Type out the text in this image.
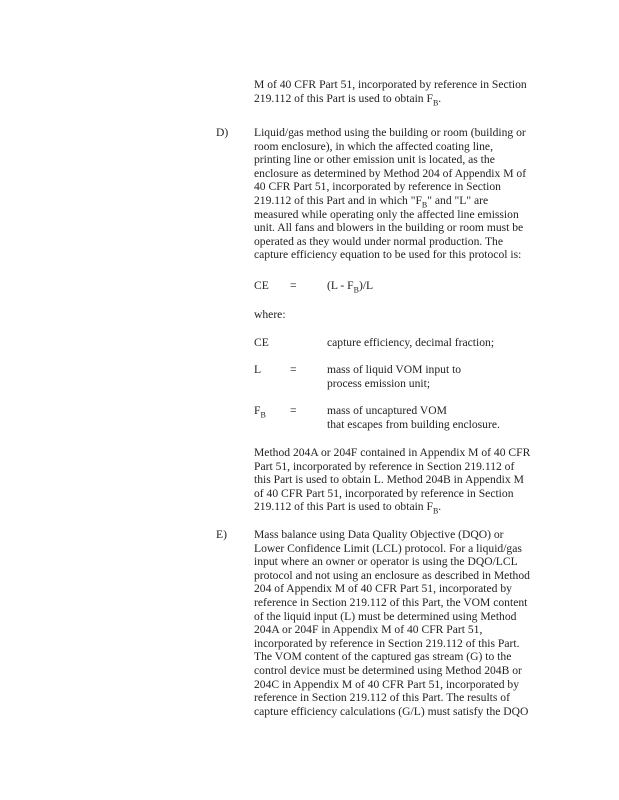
M of 40 CFR Part 51, incorporated by reference in Section
219.112 of this Part is used to obtain $F_B$.
D) Liquid/gas method using the building or room (building or
room enclosure), in which the affected coating line,
printing line or other emission unit is located, as the
enclosure as determined by Method 204 of Appendix M of
40 CFR Part 51, incorporated by reference in Section
219.112 of this Part and in which "$F_B$" and "L" are
measured while operating only the affected line emission
unit. All fans and blowers in the building or room must be
operated as they would under normal production. The
capture efficiency equation to be used for this protocol is:
CE =	$(L - F_B)/L$
where:
CE	capture efficiency, decimal fraction;
L =	mass of liquid VOM input to
process emission unit;
$F_B$ =	mass of uncaptured VOM
that escapes from building enclosure.
Method 204A or 204F contained in Appendix M of 40 CFR
Part 51, incorporated by reference in Section 219.112 of
this Part is used to obtain L. Method 204B in Appendix M
of 40 CFR Part 51, incorporated by reference in Section
219.112 of this Part is used to obtain $F_B$.
E) Mass balance using Data Quality Objective (DQO) or
Lower Confidence Limit (LCL) protocol. For a liquid/gas
input where an owner or operator is using the DQO/LCL
protocol and not using an enclosure as described in Method
204 of Appendix M of 40 CFR Part 51, incorporated by
reference in Section 219.112 of this Part, the VOM content
of the liquid input (L) must be determined using Method
204A or 204F in Appendix M of 40 CFR Part 51,
incorporated by reference in Section 219.112 of this Part.
The VOM content of the captured gas stream (G) to the
control device must be determined using Method 204B or
204C in Appendix M of 40 CFR Part 51, incorporated by
reference in Section 219.112 of this Part. The results of
capture efficiency calculations (G/L) must satisfy the DQO
